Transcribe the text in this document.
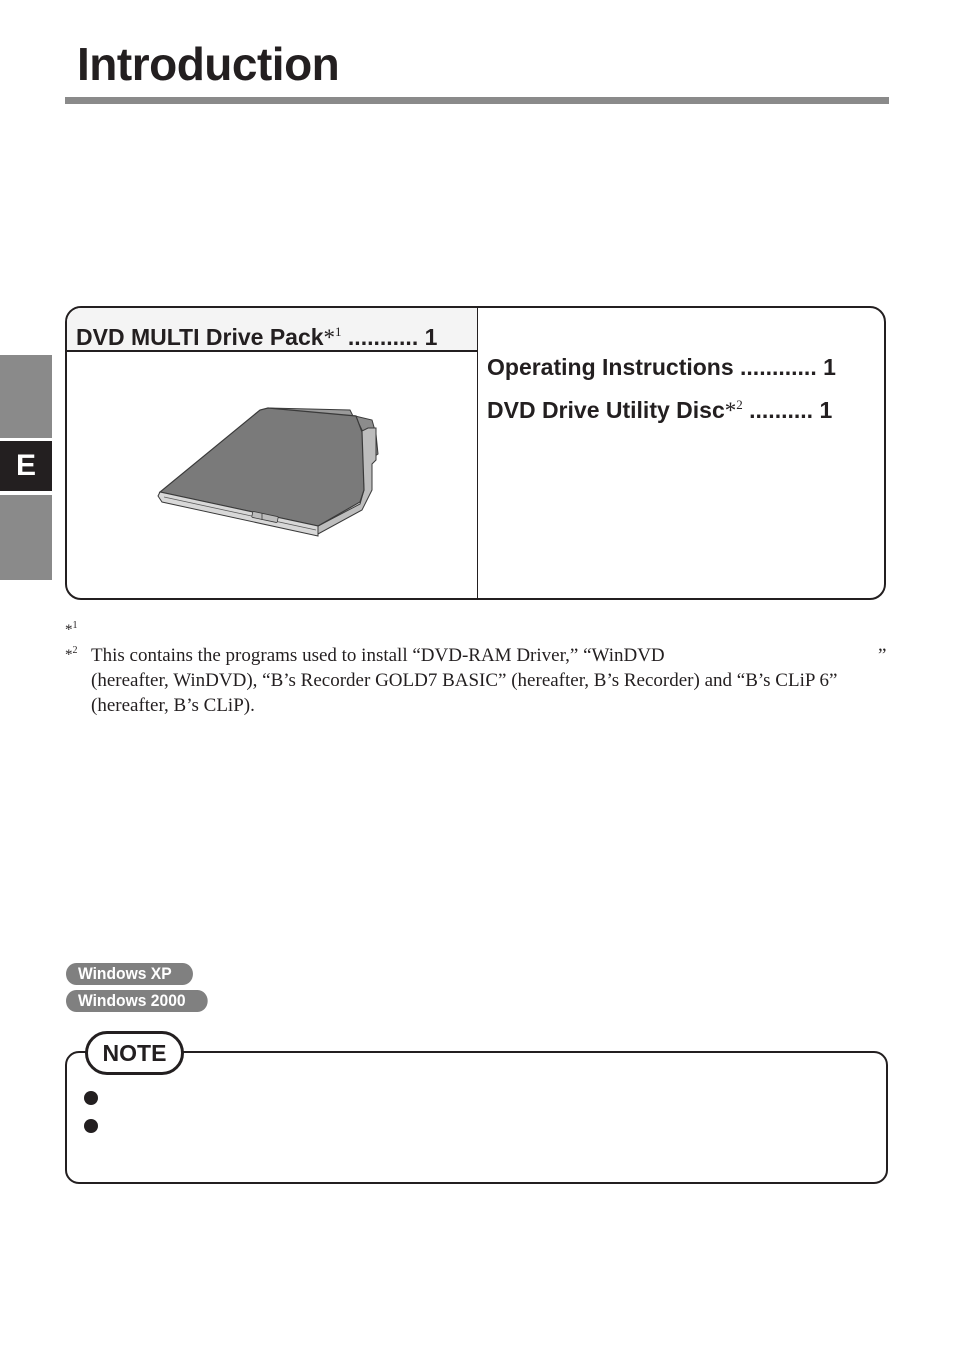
Introduction
E
DVD MULTI Drive Pack*$^1$ ........... 1
Operating Instructions ............ 1
DVD Drive Utility Disc*$^2$ .......... 1
*$^1$
*$^2$ This contains the programs used to install “DVD-RAM Driver,” “WinDVD	”
(hereafter, WinDVD), “B’s Recorder GOLD7 BASIC” (hereafter, B’s Recorder) and “B’s CLiP 6”
(hereafter, B’s CLiP).
Windows XP
Windows 2000
NOTE
